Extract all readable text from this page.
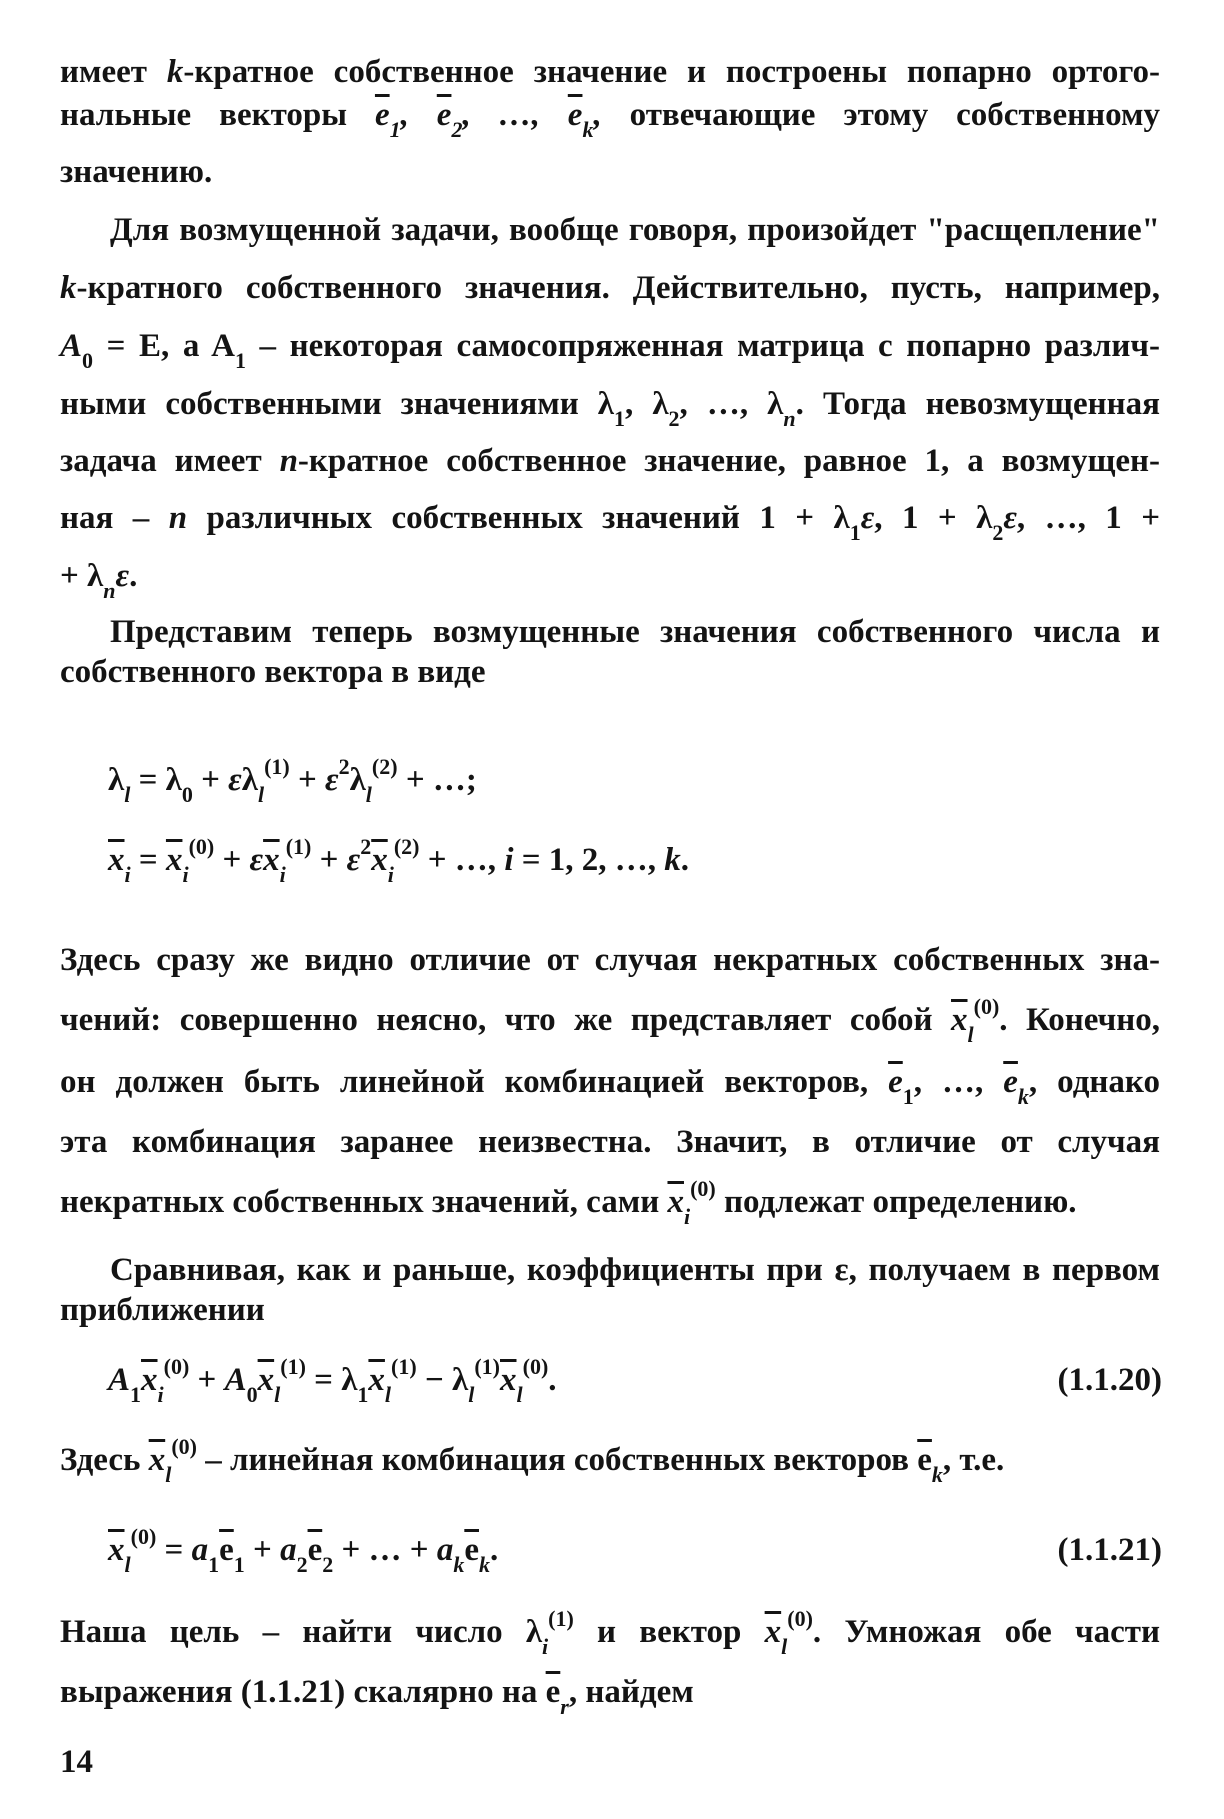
имеет k-кратное собственное значение и построены попарно ортого-

нальные векторы $\overline{e}_1$, $\overline{e}_2$, …, $\overline{e}_k$, отвечающие этому собственному

значению.

Для возмущенной задачи, вообще говоря, произойдет "расщепление"

k-кратного собственного значения. Действительно, пусть, например,

$A_0 = E$, a $A_1$ – некоторая самосопряженная матрица с попарно различ-

ными собственными значениями $\lambda_1$, $\lambda_2$, …, $\lambda_n$. Тогда невозмущенная

задача имеет n-кратное собственное значение, равное 1, а возмущен-

ная – n различных собственных значений $1 + \lambda_1\varepsilon$, $1 + \lambda_2\varepsilon$, …, 1 +

+ $\lambda_n\varepsilon$.

Представим теперь возмущенные значения собственного числа и

собственного вектора в виде

$\lambda_l = \lambda_0 + \varepsilon\lambda_l^{(1)} + \varepsilon^2\lambda_l^{(2)}$ + …;
$\overline{x}_i = \overline{x}_i^{(0)} + \varepsilon\overline{x}_i^{(1)} + \varepsilon^2\overline{x}_i^{(2)}$ + …, i = 1, 2, …, k.

Здесь сразу же видно отличие от случая некратных собственных зна-

чений: совершенно неясно, что же представляет собой $\overline{x}_l^{(0)}$. Конечно,

он должен быть линейной комбинацией векторов, $\overline{e}_1$, …, $\overline{e}_k$, однако

эта комбинация заранее неизвестна. Значит, в отличие от случая

некратных собственных значений, сами $\overline{x}_i^{(0)}$ подлежат определению.

Сравнивая, как и раньше, коэффициенты при ε, получаем в первом

приближении

$A_1\overline{x}_i^{(0)} + A_0\overline{x}_l^{(1)} = \lambda_1\overline{x}_l^{(1)} - \lambda_l^{(1)}\overline{x}_l^{(0)}$.	(1.1.20)

Здесь $\overline{x}_l^{(0)}$ – линейная комбинация собственных векторов $\overline{e}_k$, т.е.

$\overline{x}_l^{(0)} = a_1\overline{e}_1 + a_2\overline{e}_2$ + … + $a_k\overline{e}_k$.	(1.1.21)

Наша цель – найти число $\lambda_i^{(1)}$ и вектор $\overline{x}_l^{(0)}$. Умножая обе части

выражения (1.1.21) скалярно на $\overline{e}_r$, найдем

14
